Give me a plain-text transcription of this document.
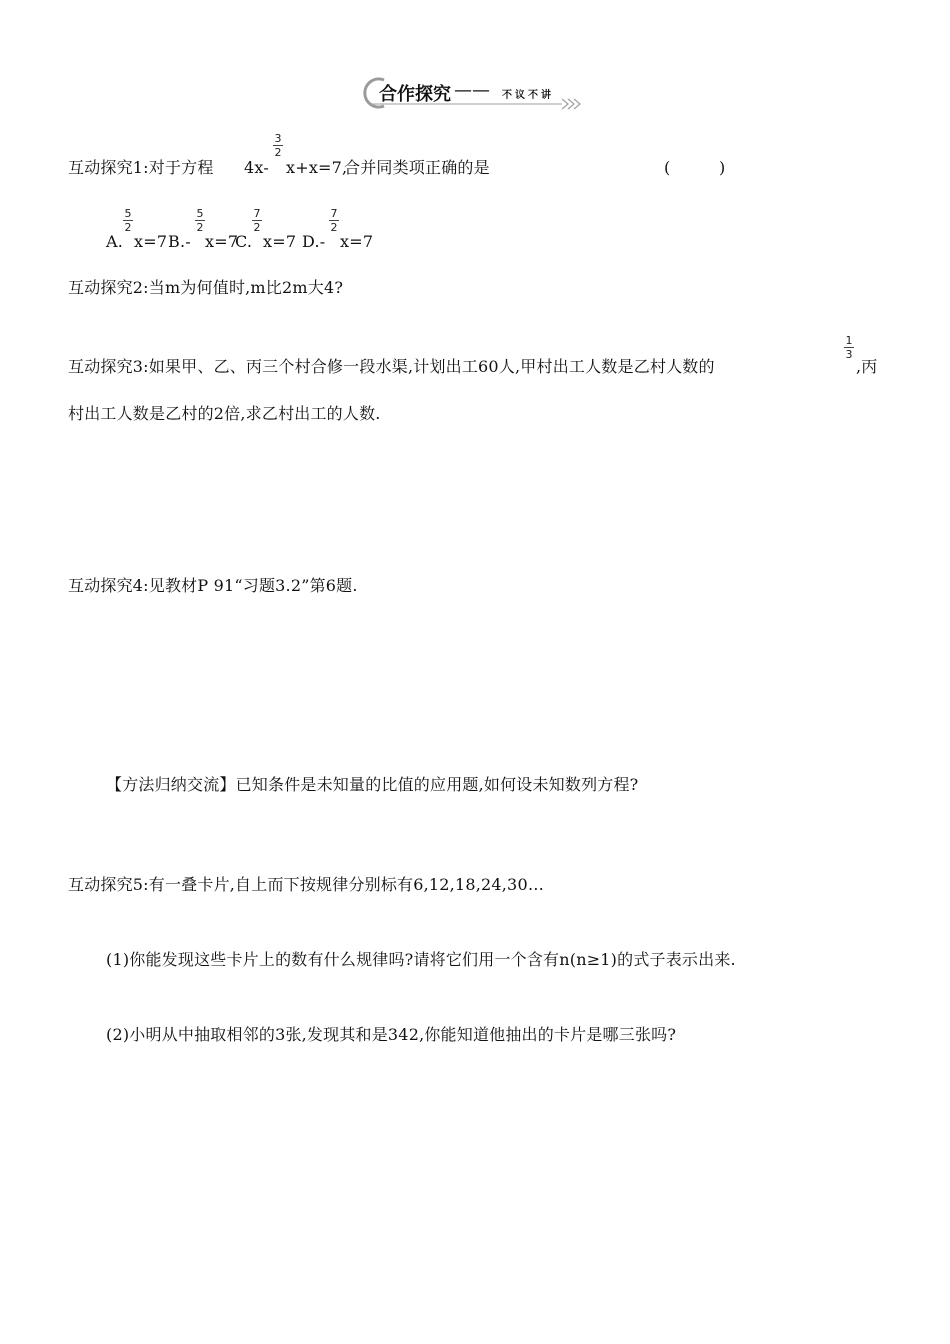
合作探究 —— 不议不讲
互动探究1:对于方程 4x-
3
2
x+x=7,
合并同类项正确的是	(　　　)
A.
5
2
x=7 B.-
5
2
x=7
C.
7
2
x=7 D.-
7
2
x=7
互动探究2:当m为何值时,m比2m大4?
互动探究3:如果甲、乙、丙三个村合修一段水渠,计划出工60人,甲村出工人数是乙村人数的
1
3
,丙
村出工人数是乙村的2倍,求乙村出工的人数.
互动探究4:见教材P 91“习题3.2”第6题.
【方法归纳交流】已知条件是未知量的比值的应用题,如何设未知数列方程?
互动探究5:有一叠卡片,自上而下按规律分别标有6,12,18,24,30…
(1)你能发现这些卡片上的数有什么规律吗?请将它们用一个含有n(n≥1)的式子表示出来.
(2)小明从中抽取相邻的3张,发现其和是342,你能知道他抽出的卡片是哪三张吗?
